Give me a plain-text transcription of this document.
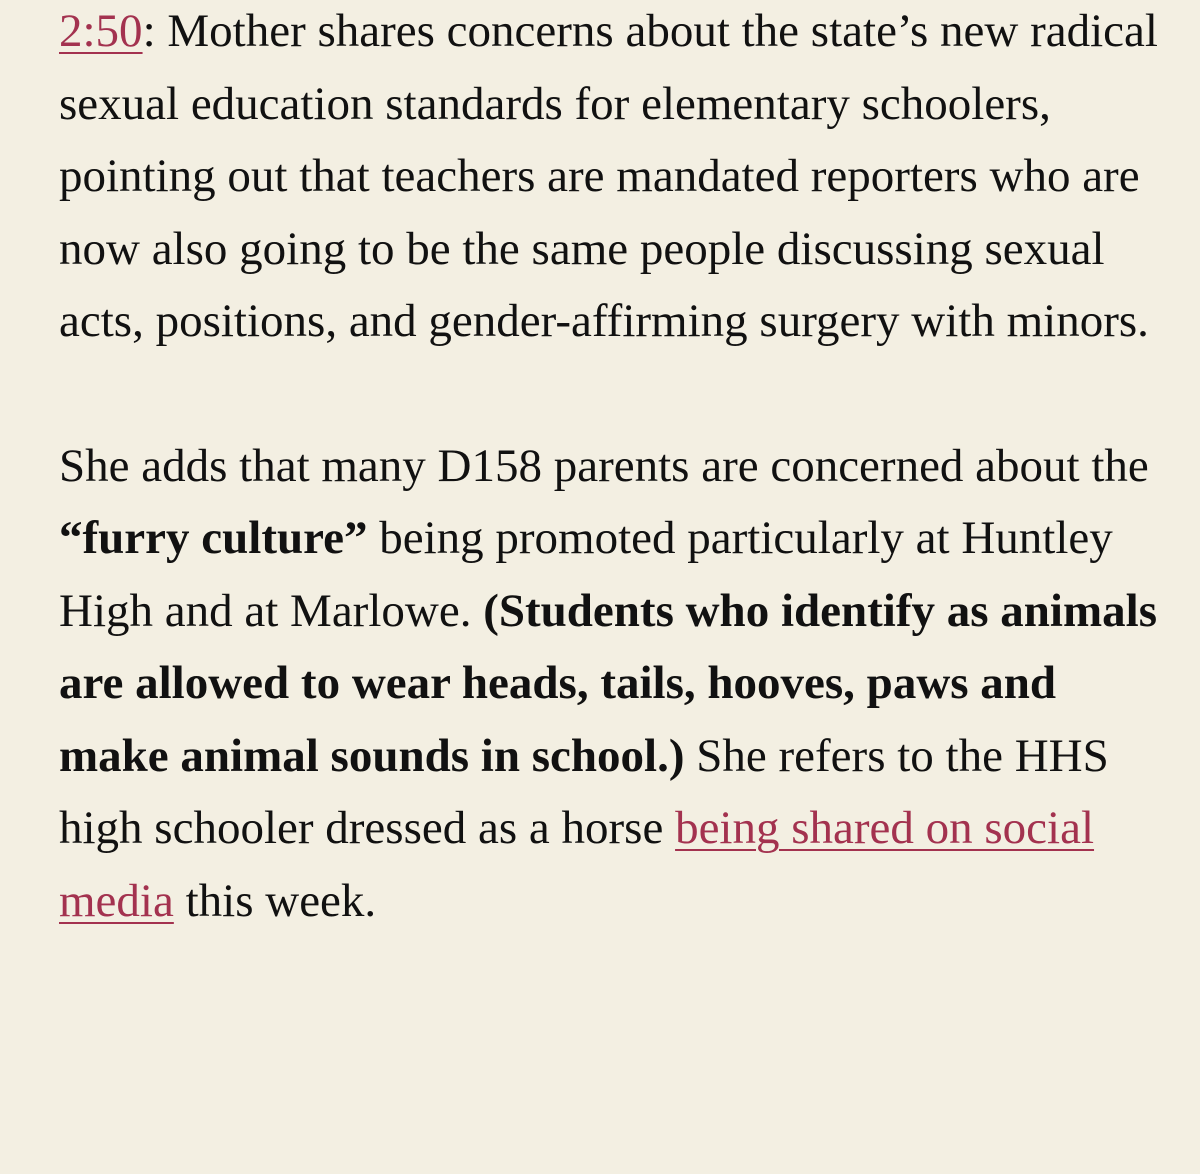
2:50: Mother shares concerns about the state’s new radical sexual education standards for elementary schoolers, pointing out that teachers are mandated reporters who are now also going to be the same people discussing sexual acts, positions, and gender-affirming surgery with minors.

She adds that many D158 parents are concerned about the “furry culture” being promoted particularly at Huntley High and at Marlowe. (Students who identify as animals are allowed to wear heads, tails, hooves, paws and make animal sounds in school.) She refers to the HHS high schooler dressed as a horse being shared on social media this week.
